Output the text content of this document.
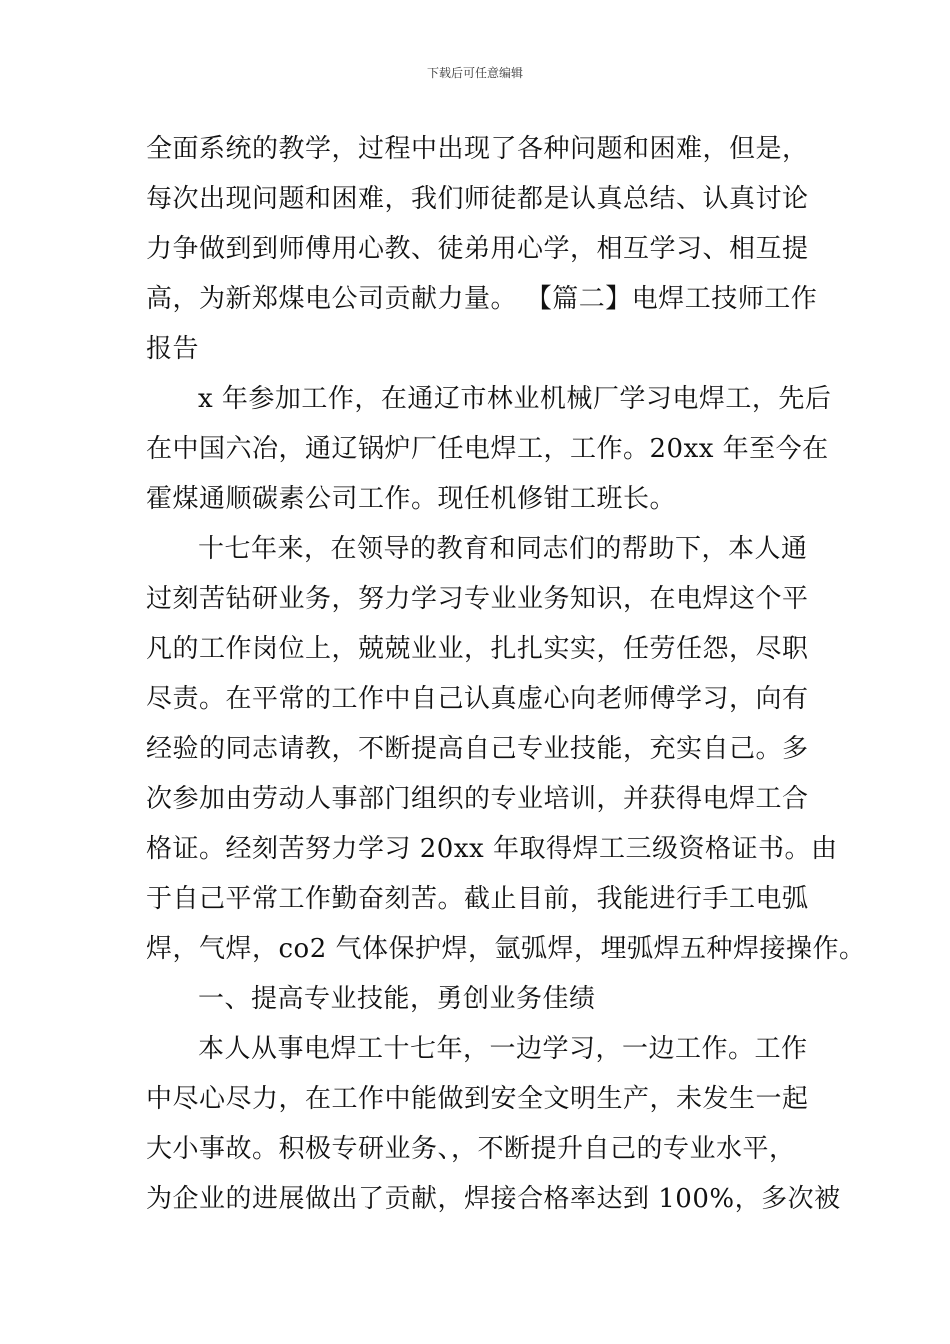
下载后可任意编辑
全面系统的教学，过程中出现了各种问题和困难，但是，
每次出现问题和困难，我们师徒都是认真总结、认真讨论
力争做到到师傅用心教、徒弟用心学，相互学习、相互提
高，为新郑煤电公司贡献力量。 【篇二】电焊工技师工作
报告
x 年参加工作，在通辽市林业机械厂学习电焊工，先后
在中国六冶，通辽锅炉厂任电焊工，工作。20xx 年至今在
霍煤通顺碳素公司工作。现任机修钳工班长。
十七年来，在领导的教育和同志们的帮助下，本人通
过刻苦钻研业务，努力学习专业业务知识，在电焊这个平
凡的工作岗位上，兢兢业业，扎扎实实，任劳任怨，尽职
尽责。在平常的工作中自己认真虚心向老师傅学习，向有
经验的同志请教，不断提高自己专业技能，充实自己。多
次参加由劳动人事部门组织的专业培训，并获得电焊工合
格证。经刻苦努力学习 20xx 年取得焊工三级资格证书。由
于自己平常工作勤奋刻苦。截止目前，我能进行手工电弧
焊，气焊，co2 气体保护焊，氩弧焊，埋弧焊五种焊接操作。
一、提高专业技能，勇创业务佳绩
本人从事电焊工十七年，一边学习，一边工作。工作
中尽心尽力，在工作中能做到安全文明生产，未发生一起
大小事故。积极专研业务、，不断提升自己的专业水平，
为企业的进展做出了贡献，焊接合格率达到 100%，多次被
